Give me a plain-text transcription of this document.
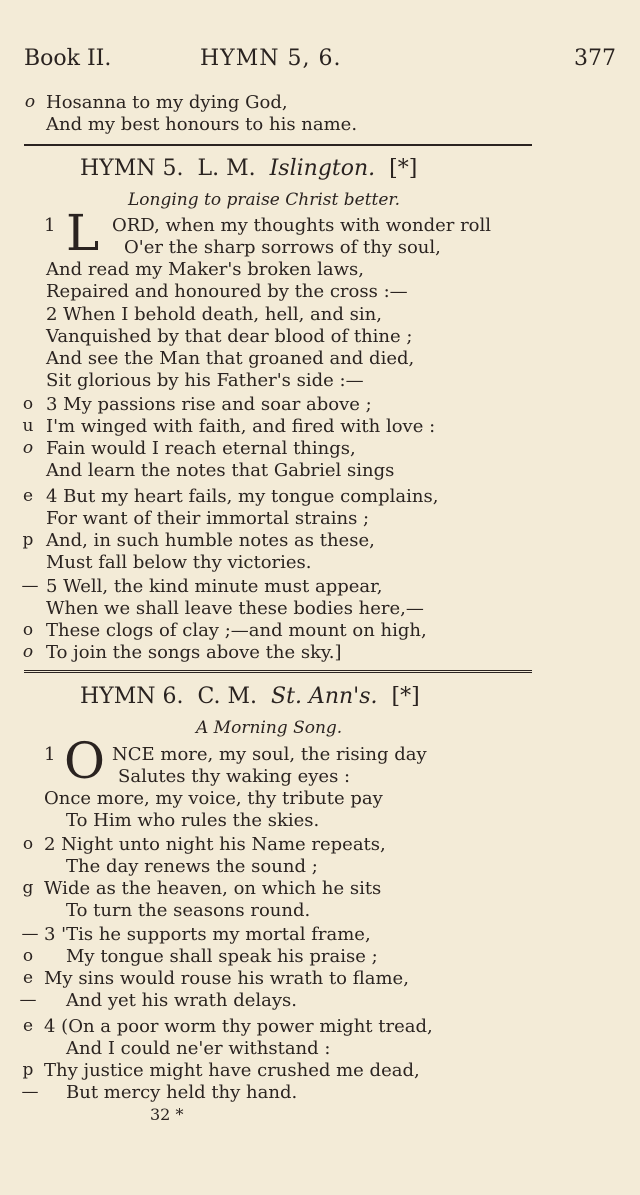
Book II.	HYMN 5, 6.	377
o Hosanna to my dying God,
And my best honours to his name.
HYMN 5. L. M. Islington. [*]
Longing to praise Christ better.
1 L ORD, when my thoughts with wonder roll
O'er the sharp sorrows of thy soul,
And read my Maker's broken laws,
Repaired and honoured by the cross :—
2 When I behold death, hell, and sin,
Vanquished by that dear blood of thine ;
And see the Man that groaned and died,
Sit glorious by his Father's side :—
o 3 My passions rise and soar above ;
u I'm winged with faith, and fired with love :
o Fain would I reach eternal things,
And learn the notes that Gabriel sings
e 4 But my heart fails, my tongue complains,
For want of their immortal strains ;
p And, in such humble notes as these,
Must fall below thy victories.
— 5 Well, the kind minute must appear,
When we shall leave these bodies here,—
o These clogs of clay ;—and mount on high,
o To join the songs above the sky.]
HYMN 6. C. M. St. Ann's. [*]
A Morning Song.
1 O NCE more, my soul, the rising day
Salutes thy waking eyes :
Once more, my voice, thy tribute pay
To Him who rules the skies.
o 2 Night unto night his Name repeats,
The day renews the sound ;
g Wide as the heaven, on which he sits
To turn the seasons round.
— 3 'Tis he supports my mortal frame,
o My tongue shall speak his praise ;
e My sins would rouse his wrath to flame,
— And yet his wrath delays.
e 4 (On a poor worm thy power might tread,
And I could ne'er withstand :
p Thy justice might have crushed me dead,
— But mercy held thy hand.
32 *
